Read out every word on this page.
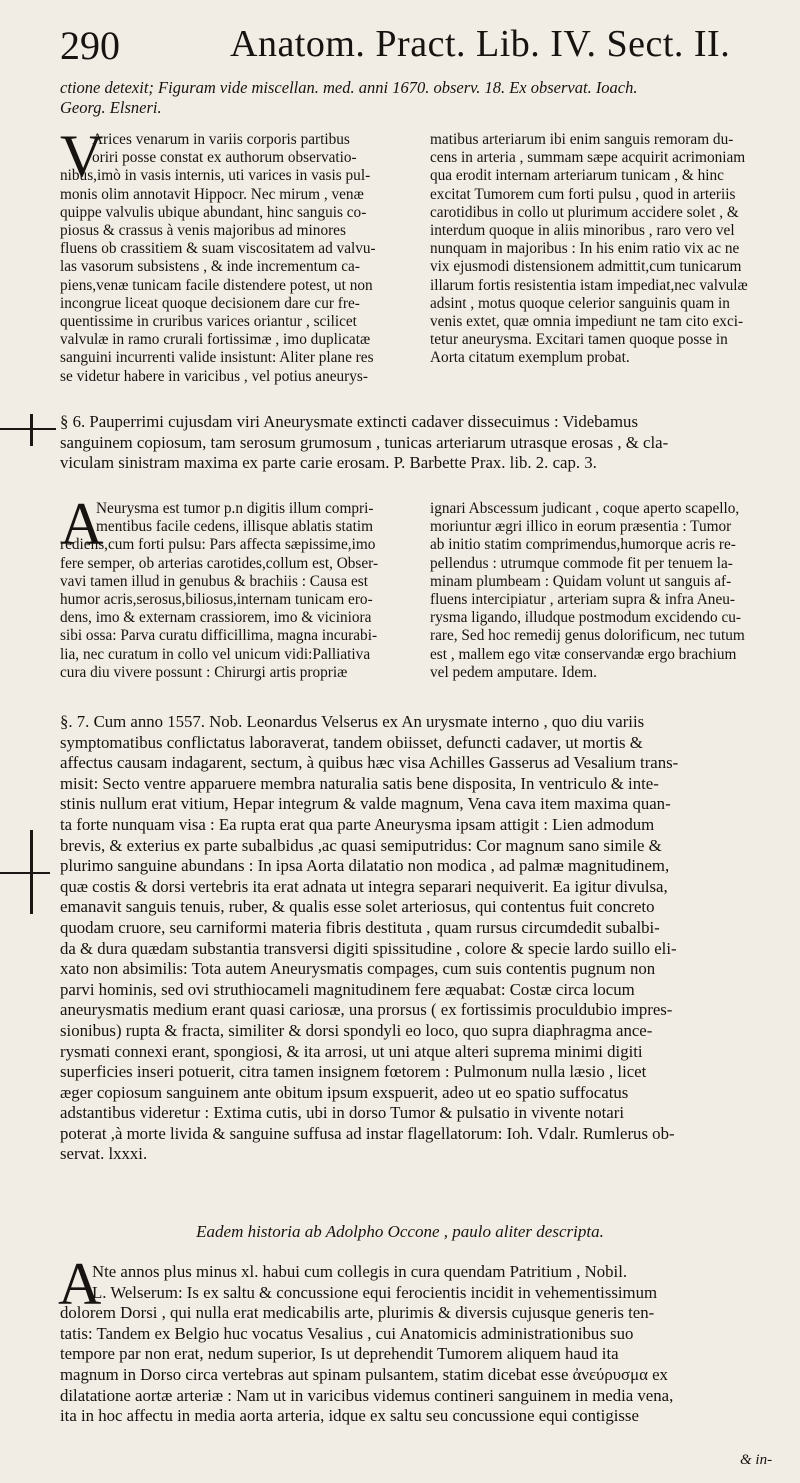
290	Anatom. Pract. Lib. IV. Sect. II.
ctione detexit; Figuram vide miscellan. med. anni 1670. observ. 18. Ex observat. Ioach.
Georg. Elsneri.
V
Arices venarum in variis corporis partibus
oriri posse constat ex authorum observatio-
nibus,imò in vasis internis, uti varices in vasis pul-
monis olim annotavit Hippocr. Nec mirum , venæ
quippe valvulis ubique abundant, hinc sanguis co-
piosus & crassus à venis majoribus ad minores
fluens ob crassitiem & suam viscositatem ad valvu-
las vasorum subsistens , & inde incrementum ca-
piens,venæ tunicam facile distendere potest, ut non
incongrue liceat quoque decisionem dare cur fre-
quentissime in cruribus varices oriantur , scilicet
valvulæ in ramo crurali fortissimæ , imo duplicatæ
sanguini incurrenti valide insistunt: Aliter plane res
se videtur habere in varicibus , vel potius aneurys-
matibus arteriarum ibi enim sanguis remoram du-
cens in arteria , summam sæpe acquirit acrimoniam
qua erodit internam arteriarum tunicam , & hinc
excitat Tumorem cum forti pulsu , quod in arteriis
carotidibus in collo ut plurimum accidere solet , &
interdum quoque in aliis minoribus , raro vero vel
nunquam in majoribus : In his enim ratio vix ac ne
vix ejusmodi distensionem admittit,cum tunicarum
illarum fortis resistentia istam impediat,nec valvulæ
adsint , motus quoque celerior sanguinis quam in
venis extet, quæ omnia impediunt ne tam cito exci-
tetur aneurysma. Excitari tamen quoque posse in
Aorta citatum exemplum probat.
§ 6. Pauperrimi cujusdam viri Aneurysmate extincti cadaver dissecuimus : Videbamus
sanguinem copiosum, tam serosum grumosum , tunicas arteriarum utrasque erosas , & cla-
viculam sinistram maxima ex parte carie erosam. P. Barbette Prax. lib. 2. cap. 3.
A
Neurysma est tumor p.n digitis illum compri-
mentibus facile cedens, illisque ablatis statim
rediens,cum forti pulsu: Pars affecta sæpissime,imo
fere semper, ob arterias carotides,collum est, Obser-
vavi tamen illud in genubus & brachiis : Causa est
humor acris,serosus,biliosus,internam tunicam ero-
dens, imo & externam crassiorem, imo & viciniora
sibi ossa: Parva curatu difficillima, magna incurabi-
lia, nec curatum in collo vel unicum vidi:Palliativa
cura diu vivere possunt : Chirurgi artis propriæ
ignari Abscessum judicant , coque aperto scapello,
moriuntur ægri illico in eorum præsentia : Tumor
ab initio statim comprimendus,humorque acris re-
pellendus : utrumque commode fit per tenuem la-
minam plumbeam : Quidam volunt ut sanguis af-
fluens intercipiatur , arteriam supra & infra Aneu-
rysma ligando, illudque postmodum excidendo cu-
rare, Sed hoc remedij genus dolorificum, nec tutum
est , mallem ego vitæ conservandæ ergo brachium
vel pedem amputare. Idem.
§. 7. Cum anno 1557. Nob. Leonardus Velserus ex An urysmate interno , quo diu variis
symptomatibus conflictatus laboraverat, tandem obiisset, defuncti cadaver, ut mortis &
affectus causam indagarent, sectum, à quibus hæc visa Achilles Gasserus ad Vesalium trans-
misit: Secto ventre apparuere membra naturalia satis bene disposita, In ventriculo & inte-
stinis nullum erat vitium, Hepar integrum & valde magnum, Vena cava item maxima quan-
ta forte nunquam visa : Ea rupta erat qua parte Aneurysma ipsam attigit : Lien admodum
brevis, & exterius ex parte subalbidus ,ac quasi semiputridus: Cor magnum sano simile &
plurimo sanguine abundans : In ipsa Aorta dilatatio non modica , ad palmæ magnitudinem,
quæ costis & dorsi vertebris ita erat adnata ut integra separari nequiverit. Ea igitur divulsa,
emanavit sanguis tenuis, ruber, & qualis esse solet arteriosus, qui contentus fuit concreto
quodam cruore, seu carniformi materia fibris destituta , quam rursus circumdedit subalbi-
da & dura quædam substantia transversi digiti spissitudine , colore & specie lardo suillo eli-
xato non absimilis: Tota autem Aneurysmatis compages, cum suis contentis pugnum non
parvi hominis, sed ovi struthiocameli magnitudinem fere æquabat: Costæ circa locum
aneurysmatis medium erant quasi cariosæ, una prorsus ( ex fortissimis proculdubio impres-
sionibus) rupta & fracta, similiter & dorsi spondyli eo loco, quo supra diaphragma ance-
rysmati connexi erant, spongiosi, & ita arrosi, ut uni atque alteri suprema minimi digiti
superficies inseri potuerit, citra tamen insignem fœtorem : Pulmonum nulla læsio , licet
æger copiosum sanguinem ante obitum ipsum exspuerit, adeo ut eo spatio suffocatus
adstantibus videretur : Extima cutis, ubi in dorso Tumor & pulsatio in vivente notari
poterat ,à morte livida & sanguine suffusa ad instar flagellatorum: Ioh. Vdalr. Rumlerus ob-
servat. lxxxi.
Eadem historia ab Adolpho Occone , paulo aliter descripta.
A
Nte annos plus minus xl. habui cum collegis in cura quendam Patritium , Nobil.
L. Welserum: Is ex saltu & concussione equi ferocientis incidit in vehementissimum
dolorem Dorsi , qui nulla erat medicabilis arte, plurimis & diversis cujusque generis ten-
tatis: Tandem ex Belgio huc vocatus Vesalius , cui Anatomicis administrationibus suo
tempore par non erat, nedum superior, Is ut deprehendit Tumorem aliquem haud ita
magnum in Dorso circa vertebras aut spinam pulsantem, statim dicebat esse ἀνεύρυσμα ex
dilatatione aortæ arteriæ : Nam ut in varicibus videmus contineri sanguinem in media vena,
ita in hoc affectu in media aorta arteria, idque ex saltu seu concussione equi contigisse
& in-
